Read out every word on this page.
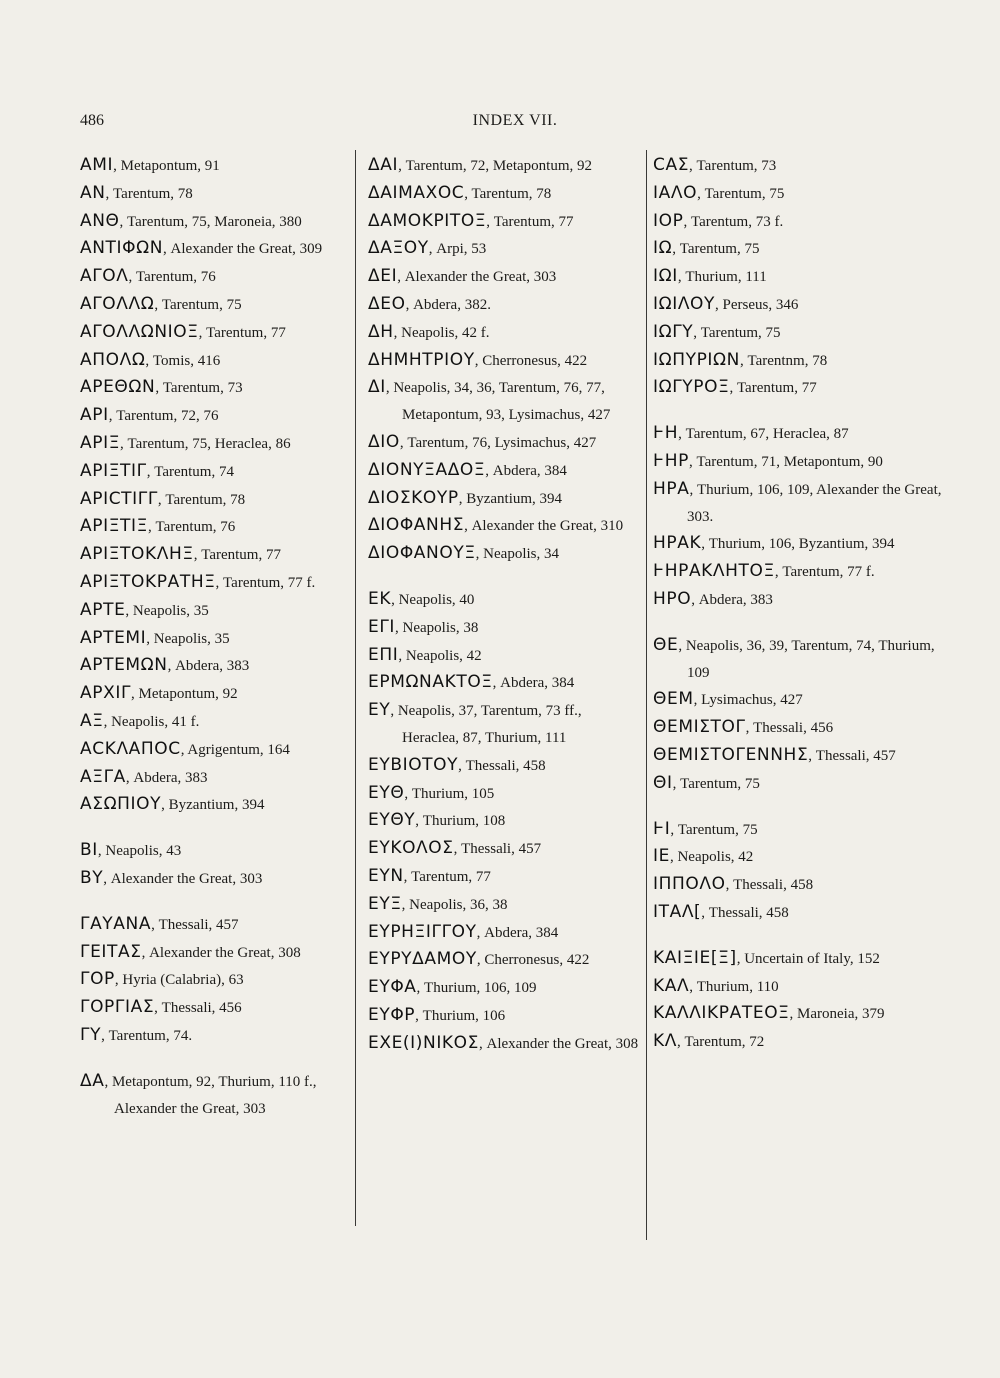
486	INDEX VII.
ΑΜΙ, Metapontum, 91
ΑΝ, Tarentum, 78
ΑΝΘ, Tarentum, 75, Maroneia, 380
ΑΝΤΙΦΩΝ, Alexander the Great, 309
ΑΓΟΛ, Tarentum, 76
ΑΓΟΛΛΩ, Tarentum, 75
ΑΓΟΛΛΩΝΙΟΞ, Tarentum, 77
ΑΠΟΛΩ, Tomis, 416
ΑΡΕΘΩΝ, Tarentum, 73
ΑΡΙ, Tarentum, 72, 76
ΑΡΙΞ, Tarentum, 75, Heraclea, 86
ΑΡΙΞΤΙΓ, Tarentum, 74
ΑΡΙCΤΙΓΓ, Tarentum, 78
ΑΡΙΞΤΙΞ, Tarentum, 76
ΑΡΙΞΤΟΚΛΗΞ, Tarentum, 77
ΑΡΙΞΤΟΚΡΑΤΗΞ, Tarentum, 77 f.
ΑΡΤΕ, Neapolis, 35
ΑΡΤΕΜΙ, Neapolis, 35
ΑΡΤΕΜΩΝ, Abdera, 383
ΑΡΧΙΓ, Metapontum, 92
ΑΞ, Neapolis, 41 f.
ΑCΚΛΑΠΟC, Agrigentum, 164
ΑΞΓΑ, Abdera, 383
ΑΣΩΠΙΟΥ, Byzantium, 394
ΒΙ, Neapolis, 43
ΒΥ, Alexander the Great, 303
ΓΑΥΑΝΑ, Thessali, 457
ΓΕΙΤΑΣ, Alexander the Great, 308
ΓΟΡ, Hyria (Calabria), 63
ΓΟΡΓΙΑΣ, Thessali, 456
ΓΥ, Tarentum, 74.
ΔΑ, Metapontum, 92, Thurium, 110 f., Alexander the Great, 303
ΔΑΙ, Tarentum, 72, Metapontum, 92
ΔΑΙΜΑΧΟC, Tarentum, 78
ΔΑΜΟΚΡΙΤΟΞ, Tarentum, 77
ΔΑΞΟΥ, Arpi, 53
ΔΕΙ, Alexander the Great, 303
ΔΕΟ, Abdera, 382.
ΔΗ, Neapolis, 42 f.
ΔΗΜΗΤΡΙΟΥ, Cherronesus, 422
ΔΙ, Neapolis, 34, 36, Tarentum, 76, 77, Metapontum, 93, Lysimachus, 427
ΔΙΟ, Tarentum, 76, Lysimachus, 427
ΔΙΟΝΥΞΑΔΟΞ, Abdera, 384
ΔΙΟΣΚΟΥΡ, Byzantium, 394
ΔΙΟΦΑΝΗΣ, Alexander the Great, 310
ΔΙΟΦΑΝΟΥΞ, Neapolis, 34
ΕΚ, Neapolis, 40
ΕΓΙ, Neapolis, 38
ΕΠΙ, Neapolis, 42
ΕΡΜΩΝΑΚΤΟΞ, Abdera, 384
ΕΥ, Neapolis, 37, Tarentum, 73 ff., Heraclea, 87, Thurium, 111
ΕΥΒΙΟΤΟΥ, Thessali, 458
ΕΥΘ, Thurium, 105
ΕΥΘΥ, Thurium, 108
ΕΥΚΟΛΟΣ, Thessali, 457
ΕΥΝ, Tarentum, 77
ΕΥΞ, Neapolis, 36, 38
ΕΥΡΗΞΙΓΓΟΥ, Abdera, 384
ΕΥΡΥΔΑΜΟΥ, Cherronesus, 422
ΕΥΦΑ, Thurium, 106, 109
ΕΥΦΡ, Thurium, 106
ΕΧΕ(Ι)ΝΙΚΟΣ, Alexander the Great, 308
CΑΣ, Tarentum, 73
ΙΑΛΟ, Tarentum, 75
ΙΟΡ, Tarentum, 73 f.
ΙΩ, Tarentum, 75
ΙΩΙ, Thurium, 111
ΙΩΙΛΟΥ, Perseus, 346
ΙΩΓΥ, Tarentum, 75
ΙΩΠΥΡΙΩΝ, Tarentnm, 78
ΙΩΓΥΡΟΞ, Tarentum, 77
ͰΗ, Tarentum, 67, Heraclea, 87
ͰΗΡ, Tarentum, 71, Metapontum, 90
ΗΡΑ, Thurium, 106, 109, Alexander the Great, 303.
ΗΡΑΚ, Thurium, 106, Byzantium, 394
ͰΗΡΑΚΛΗΤΟΞ, Tarentum, 77 f.
ΗΡΟ, Abdera, 383
ΘΕ, Neapolis, 36, 39, Tarentum, 74, Thurium, 109
ΘΕΜ, Lysimachus, 427
ΘΕΜΙΣΤΟΓ, Thessali, 456
ΘΕΜΙΣΤΟΓΕΝΝΗΣ, Thessali, 457
ΘΙ, Tarentum, 75
ͰΙ, Tarentum, 75
ΙΕ, Neapolis, 42
ΙΠΠΟΛΟ, Thessali, 458
ΙΤΑΛ[, Thessali, 458
ΚΑΙΞΙΕ[Ξ], Uncertain of Italy, 152
ΚΑΛ, Thurium, 110
ΚΑΛΛΙΚΡΑΤΕΟΞ, Maroneia, 379
ΚΛ, Tarentum, 72
